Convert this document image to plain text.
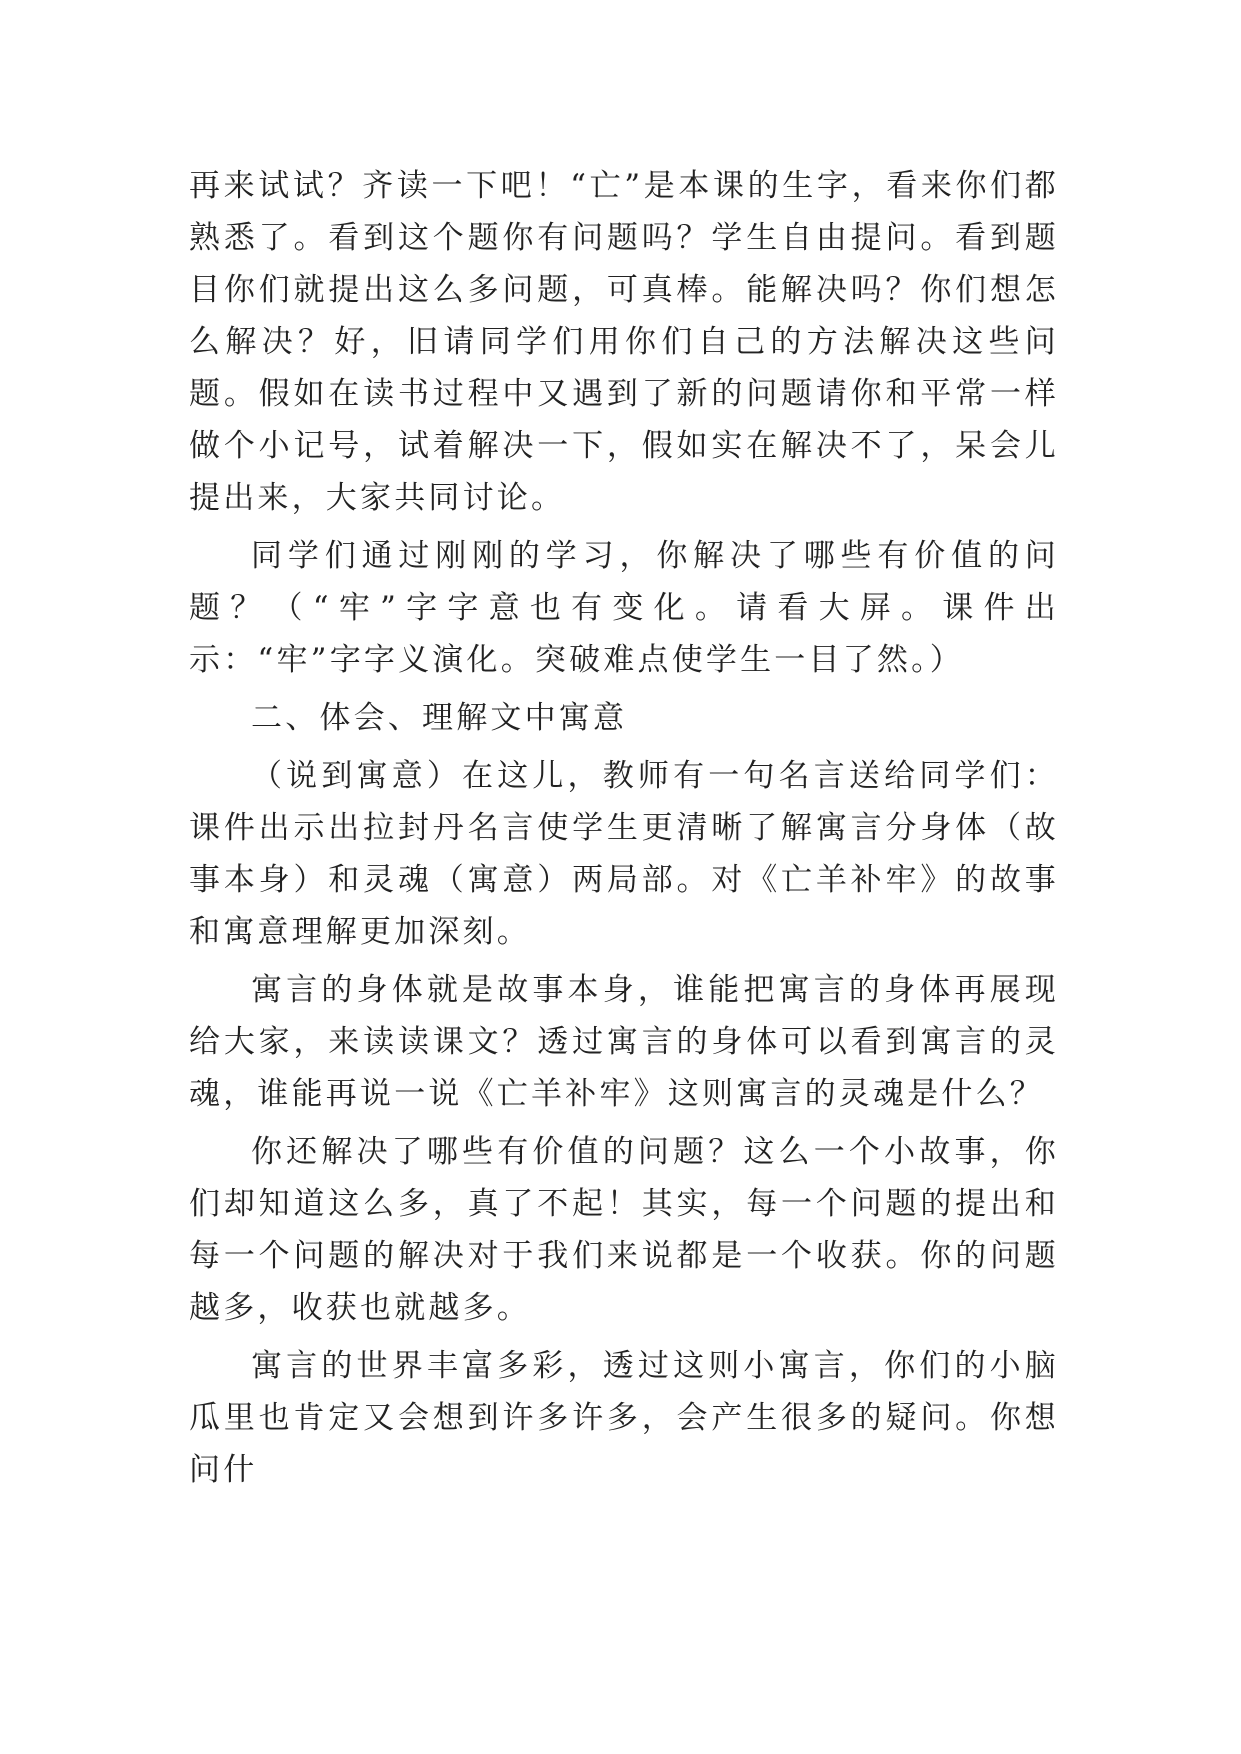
再来试试？齐读一下吧！“亡”是本课的生字，看来你们都熟悉了。看到这个题你有问题吗？学生自由提问。看到题目你们就提出这么多问题，可真棒。能解决吗？你们想怎么解决？好，旧请同学们用你们自己的方法解决这些问题。假如在读书过程中又遇到了新的问题请你和平常一样做个小记号，试着解决一下，假如实在解决不了，呆会儿提出来，大家共同讨论。

同学们通过刚刚的学习，你解决了哪些有价值的问题？（“牢”字字意也有变化。请看大屏。课件出示：“牢”字字义演化。突破难点使学生一目了然。）

二、体会、理解文中寓意

（说到寓意）在这儿，教师有一句名言送给同学们：课件出示出拉封丹名言使学生更清晰了解寓言分身体（故事本身）和灵魂（寓意）两局部。对《亡羊补牢》的故事和寓意理解更加深刻。

寓言的身体就是故事本身，谁能把寓言的身体再展现给大家，来读读课文？透过寓言的身体可以看到寓言的灵魂，谁能再说一说《亡羊补牢》这则寓言的灵魂是什么？

你还解决了哪些有价值的问题？这么一个小故事，你们却知道这么多，真了不起！其实，每一个问题的提出和每一个问题的解决对于我们来说都是一个收获。你的问题越多，收获也就越多。

寓言的世界丰富多彩，透过这则小寓言，你们的小脑瓜里也肯定又会想到许多许多，会产生很多的疑问。你想问什
